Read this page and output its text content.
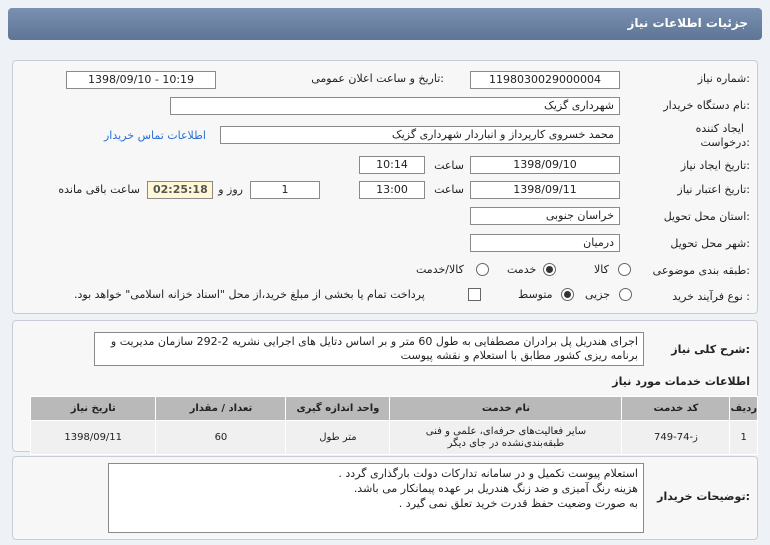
جزئیات اطلاعات نیاز
شماره نیاز:
1198030029000004
تاریخ و ساعت اعلان عمومی:
1398/09/10 - 10:19
نام دستگاه خریدار:
شهرداری گزیک
ایجاد کننده
درخواست:
محمد خسروی کارپرداز و انباردار شهرداری گزیک
اطلاعات تماس خریدار
تاریخ ایجاد نیاز:
1398/09/10
ساعت
10:14
تاریخ اعتبار نیاز:
1398/09/11
ساعت
13:00
1
روز و
02:25:18
ساعت باقی مانده
استان محل تحویل:
خراسان جنوبی
شهر محل تحویل:
درمیان
طبقه بندی موضوعی:
کالا
خدمت
کالا/خدمت
نوع فرآیند خرید :
جزیی
متوسط
پرداخت تمام یا بخشی از مبلغ خرید،از محل "اسناد خزانه اسلامی" خواهد بود.
شرح کلی نیاز:
اجرای هندریل پل برادران مصطفایی به طول 60 متر و بر اساس دتایل های اجرایی نشریه 2-292 سازمان مدیریت و برنامه ریزی کشور مطابق با استعلام و نقشه پیوست
اطلاعات خدمات مورد نیاز
ردیف	کد خدمت	نام خدمت	واحد اندازه گیری	تعداد / مقدار	تاریخ نیاز
1	ز-74-749	سایر فعالیت‌های حرفه‌ای، علمی و فنی طبقه‌بندی‌نشده در جای دیگر	متر طول	60	1398/09/11
توضیحات خریدار:
استعلام پیوست تکمیل و در سامانه تدارکات دولت بارگذاری گردد .
هزینه رنگ آمیزی و ضد زنگ هندریل بر عهده پیمانکار می باشد.
به صورت وضعیت حفظ قدرت خرید تعلق نمی گیرد .
